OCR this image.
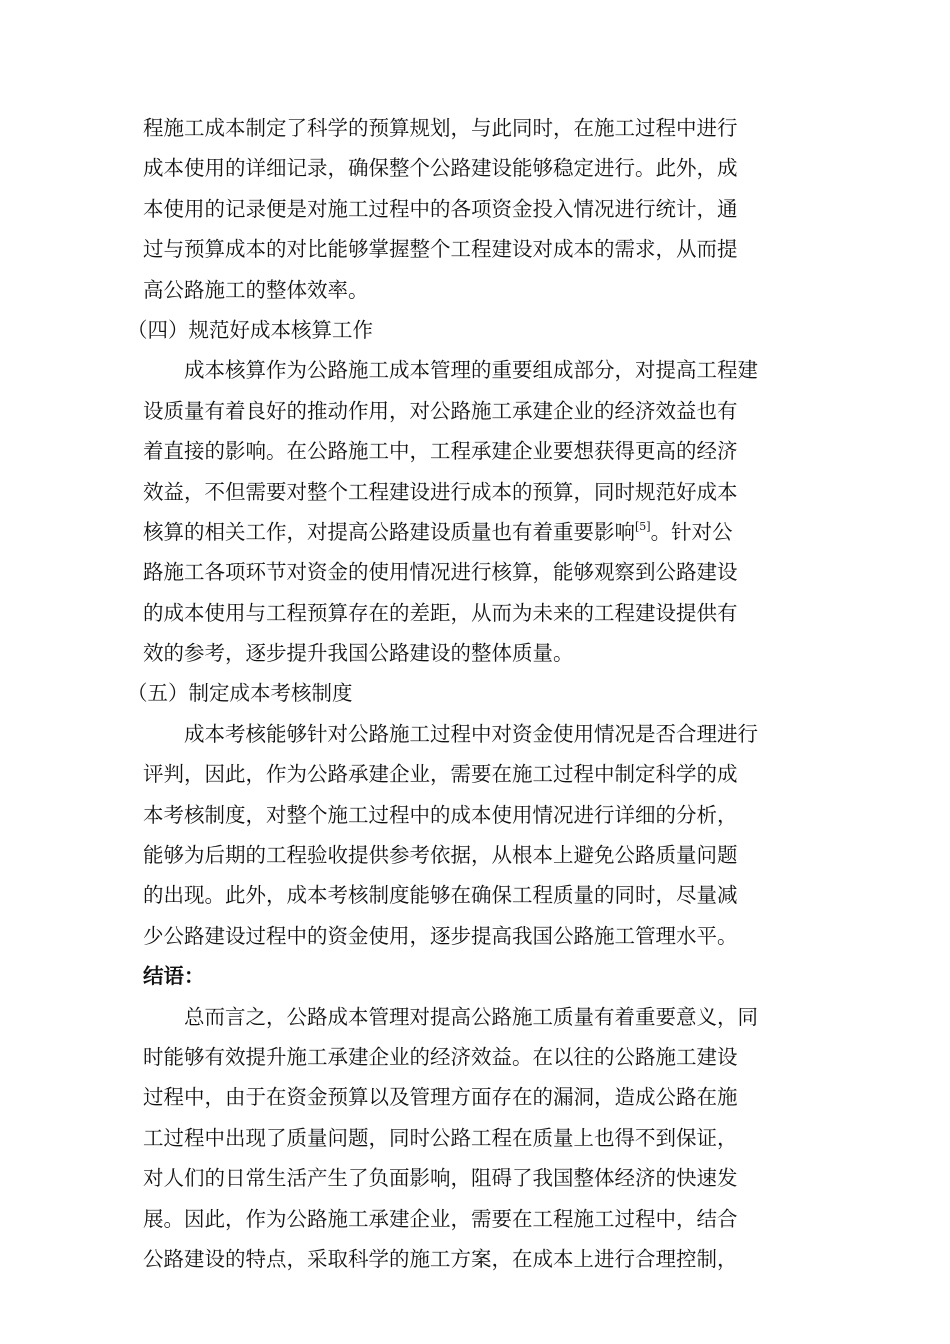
程施工成本制定了科学的预算规划，与此同时，在施工过程中进行
成本使用的详细记录，确保整个公路建设能够稳定进行。此外，成
本使用的记录便是对施工过程中的各项资金投入情况进行统计，通
过与预算成本的对比能够掌握整个工程建设对成本的需求，从而提
高公路施工的整体效率。
（四）规范好成本核算工作
成本核算作为公路施工成本管理的重要组成部分，对提高工程建
设质量有着良好的推动作用，对公路施工承建企业的经济效益也有
着直接的影响。在公路施工中，工程承建企业要想获得更高的经济
效益，不但需要对整个工程建设进行成本的预算，同时规范好成本
核算的相关工作，对提高公路建设质量也有着重要影响[5]。针对公
路施工各项环节对资金的使用情况进行核算，能够观察到公路建设
的成本使用与工程预算存在的差距，从而为未来的工程建设提供有
效的参考，逐步提升我国公路建设的整体质量。
（五）制定成本考核制度
成本考核能够针对公路施工过程中对资金使用情况是否合理进行
评判，因此，作为公路承建企业，需要在施工过程中制定科学的成
本考核制度，对整个施工过程中的成本使用情况进行详细的分析，
能够为后期的工程验收提供参考依据，从根本上避免公路质量问题
的出现。此外，成本考核制度能够在确保工程质量的同时，尽量减
少公路建设过程中的资金使用，逐步提高我国公路施工管理水平。
结语：
总而言之，公路成本管理对提高公路施工质量有着重要意义，同
时能够有效提升施工承建企业的经济效益。在以往的公路施工建设
过程中，由于在资金预算以及管理方面存在的漏洞，造成公路在施
工过程中出现了质量问题，同时公路工程在质量上也得不到保证，
对人们的日常生活产生了负面影响，阻碍了我国整体经济的快速发
展。因此，作为公路施工承建企业，需要在工程施工过程中，结合
公路建设的特点，采取科学的施工方案，在成本上进行合理控制，
